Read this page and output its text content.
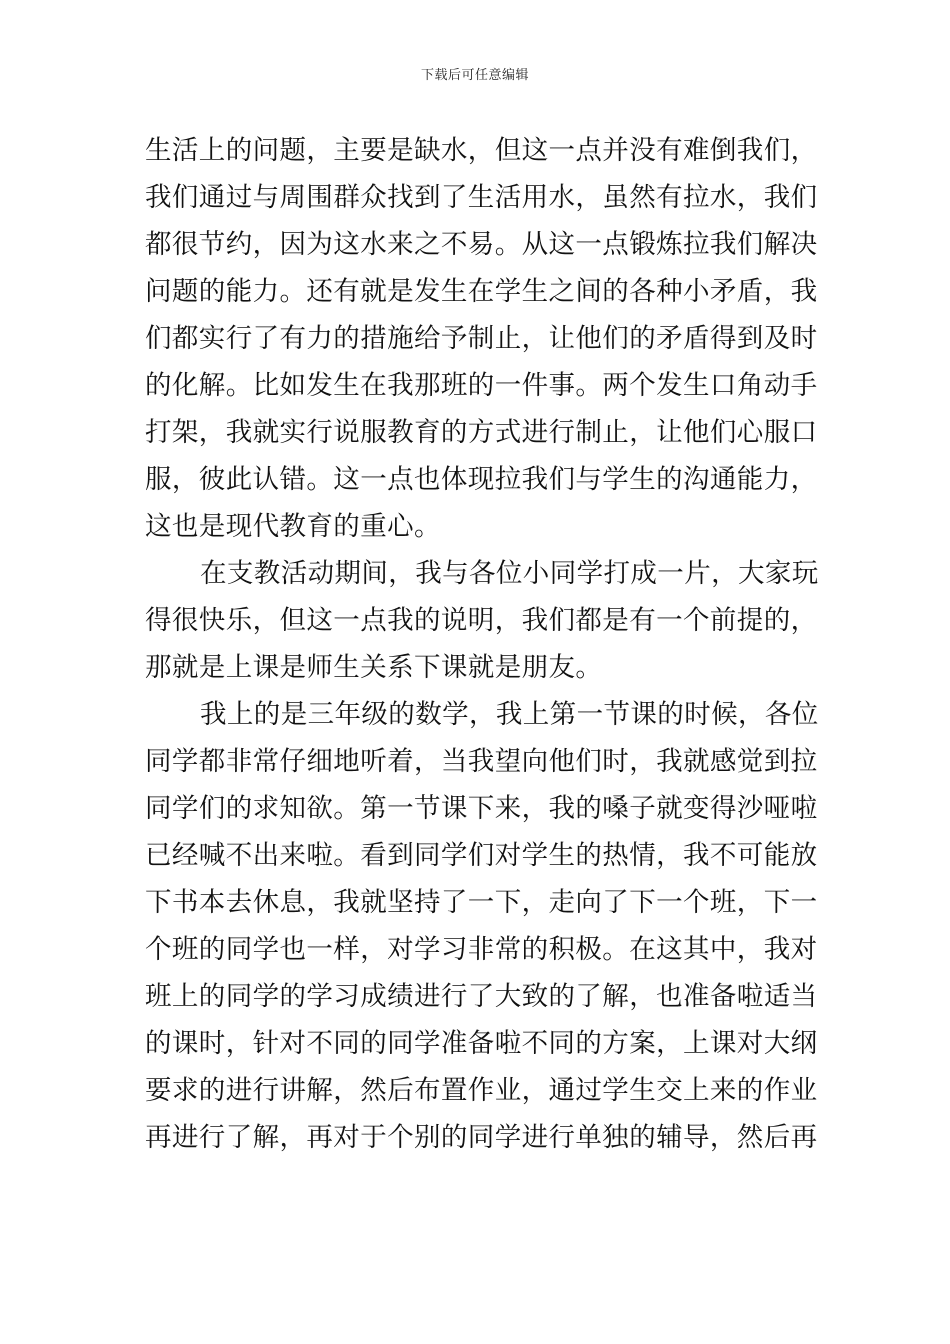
下载后可任意编辑
生活上的问题，主要是缺水，但这一点并没有难倒我们，
我们通过与周围群众找到了生活用水，虽然有拉水，我们
都很节约，因为这水来之不易。从这一点锻炼拉我们解决
问题的能力。还有就是发生在学生之间的各种小矛盾，我
们都实行了有力的措施给予制止，让他们的矛盾得到及时
的化解。比如发生在我那班的一件事。两个发生口角动手
打架，我就实行说服教育的方式进行制止，让他们心服口
服，彼此认错。这一点也体现拉我们与学生的沟通能力，
这也是现代教育的重心。
在支教活动期间，我与各位小同学打成一片，大家玩
得很快乐，但这一点我的说明，我们都是有一个前提的，
那就是上课是师生关系下课就是朋友。
我上的是三年级的数学，我上第一节课的时候，各位
同学都非常仔细地听着，当我望向他们时，我就感觉到拉
同学们的求知欲。第一节课下来，我的嗓子就变得沙哑啦
已经喊不出来啦。看到同学们对学生的热情，我不可能放
下书本去休息，我就坚持了一下，走向了下一个班，下一
个班的同学也一样，对学习非常的积极。在这其中，我对
班上的同学的学习成绩进行了大致的了解，也准备啦适当
的课时，针对不同的同学准备啦不同的方案，上课对大纲
要求的进行讲解，然后布置作业，通过学生交上来的作业
再进行了解，再对于个别的同学进行单独的辅导，然后再
